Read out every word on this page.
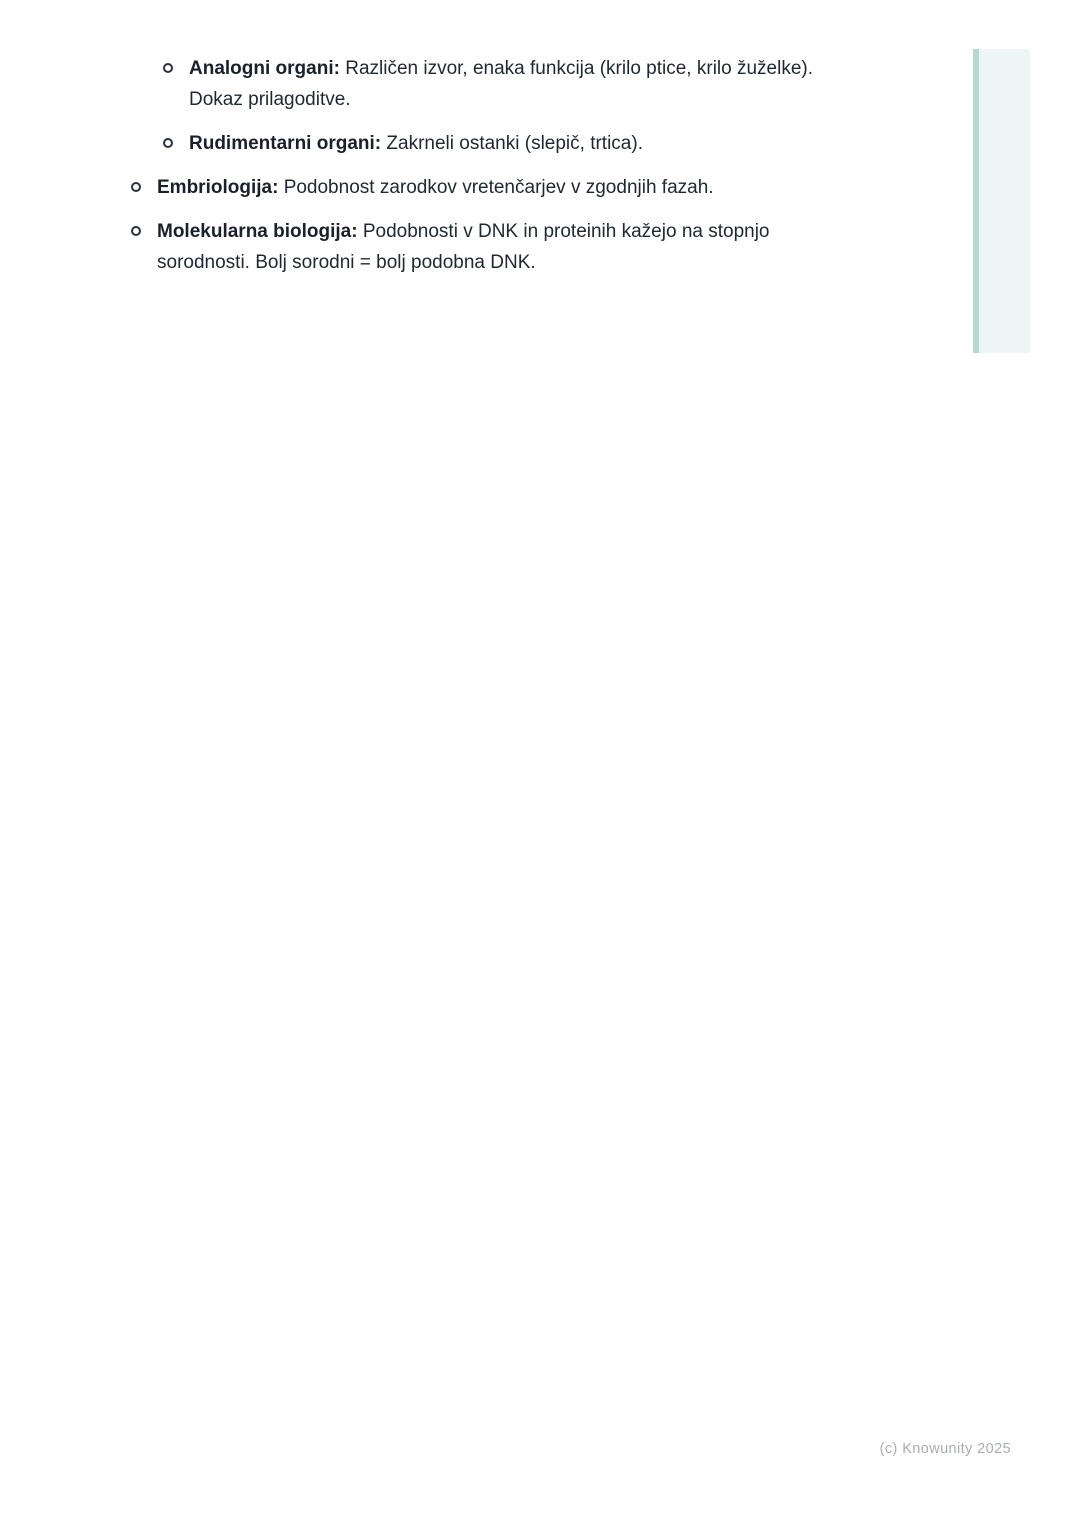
Analogni organi: Različen izvor, enaka funkcija (krilo ptice, krilo žuželke). Dokaz prilagoditve.
Rudimentarni organi: Zakrneli ostanki (slepič, trtica).
Embriologija: Podobnost zarodkov vretenčarjev v zgodnjih fazah.
Molekularna biologija: Podobnosti v DNK in proteinih kažejo na stopnjo sorodnosti. Bolj sorodni = bolj podobna DNK.
(c) Knowunity 2025
